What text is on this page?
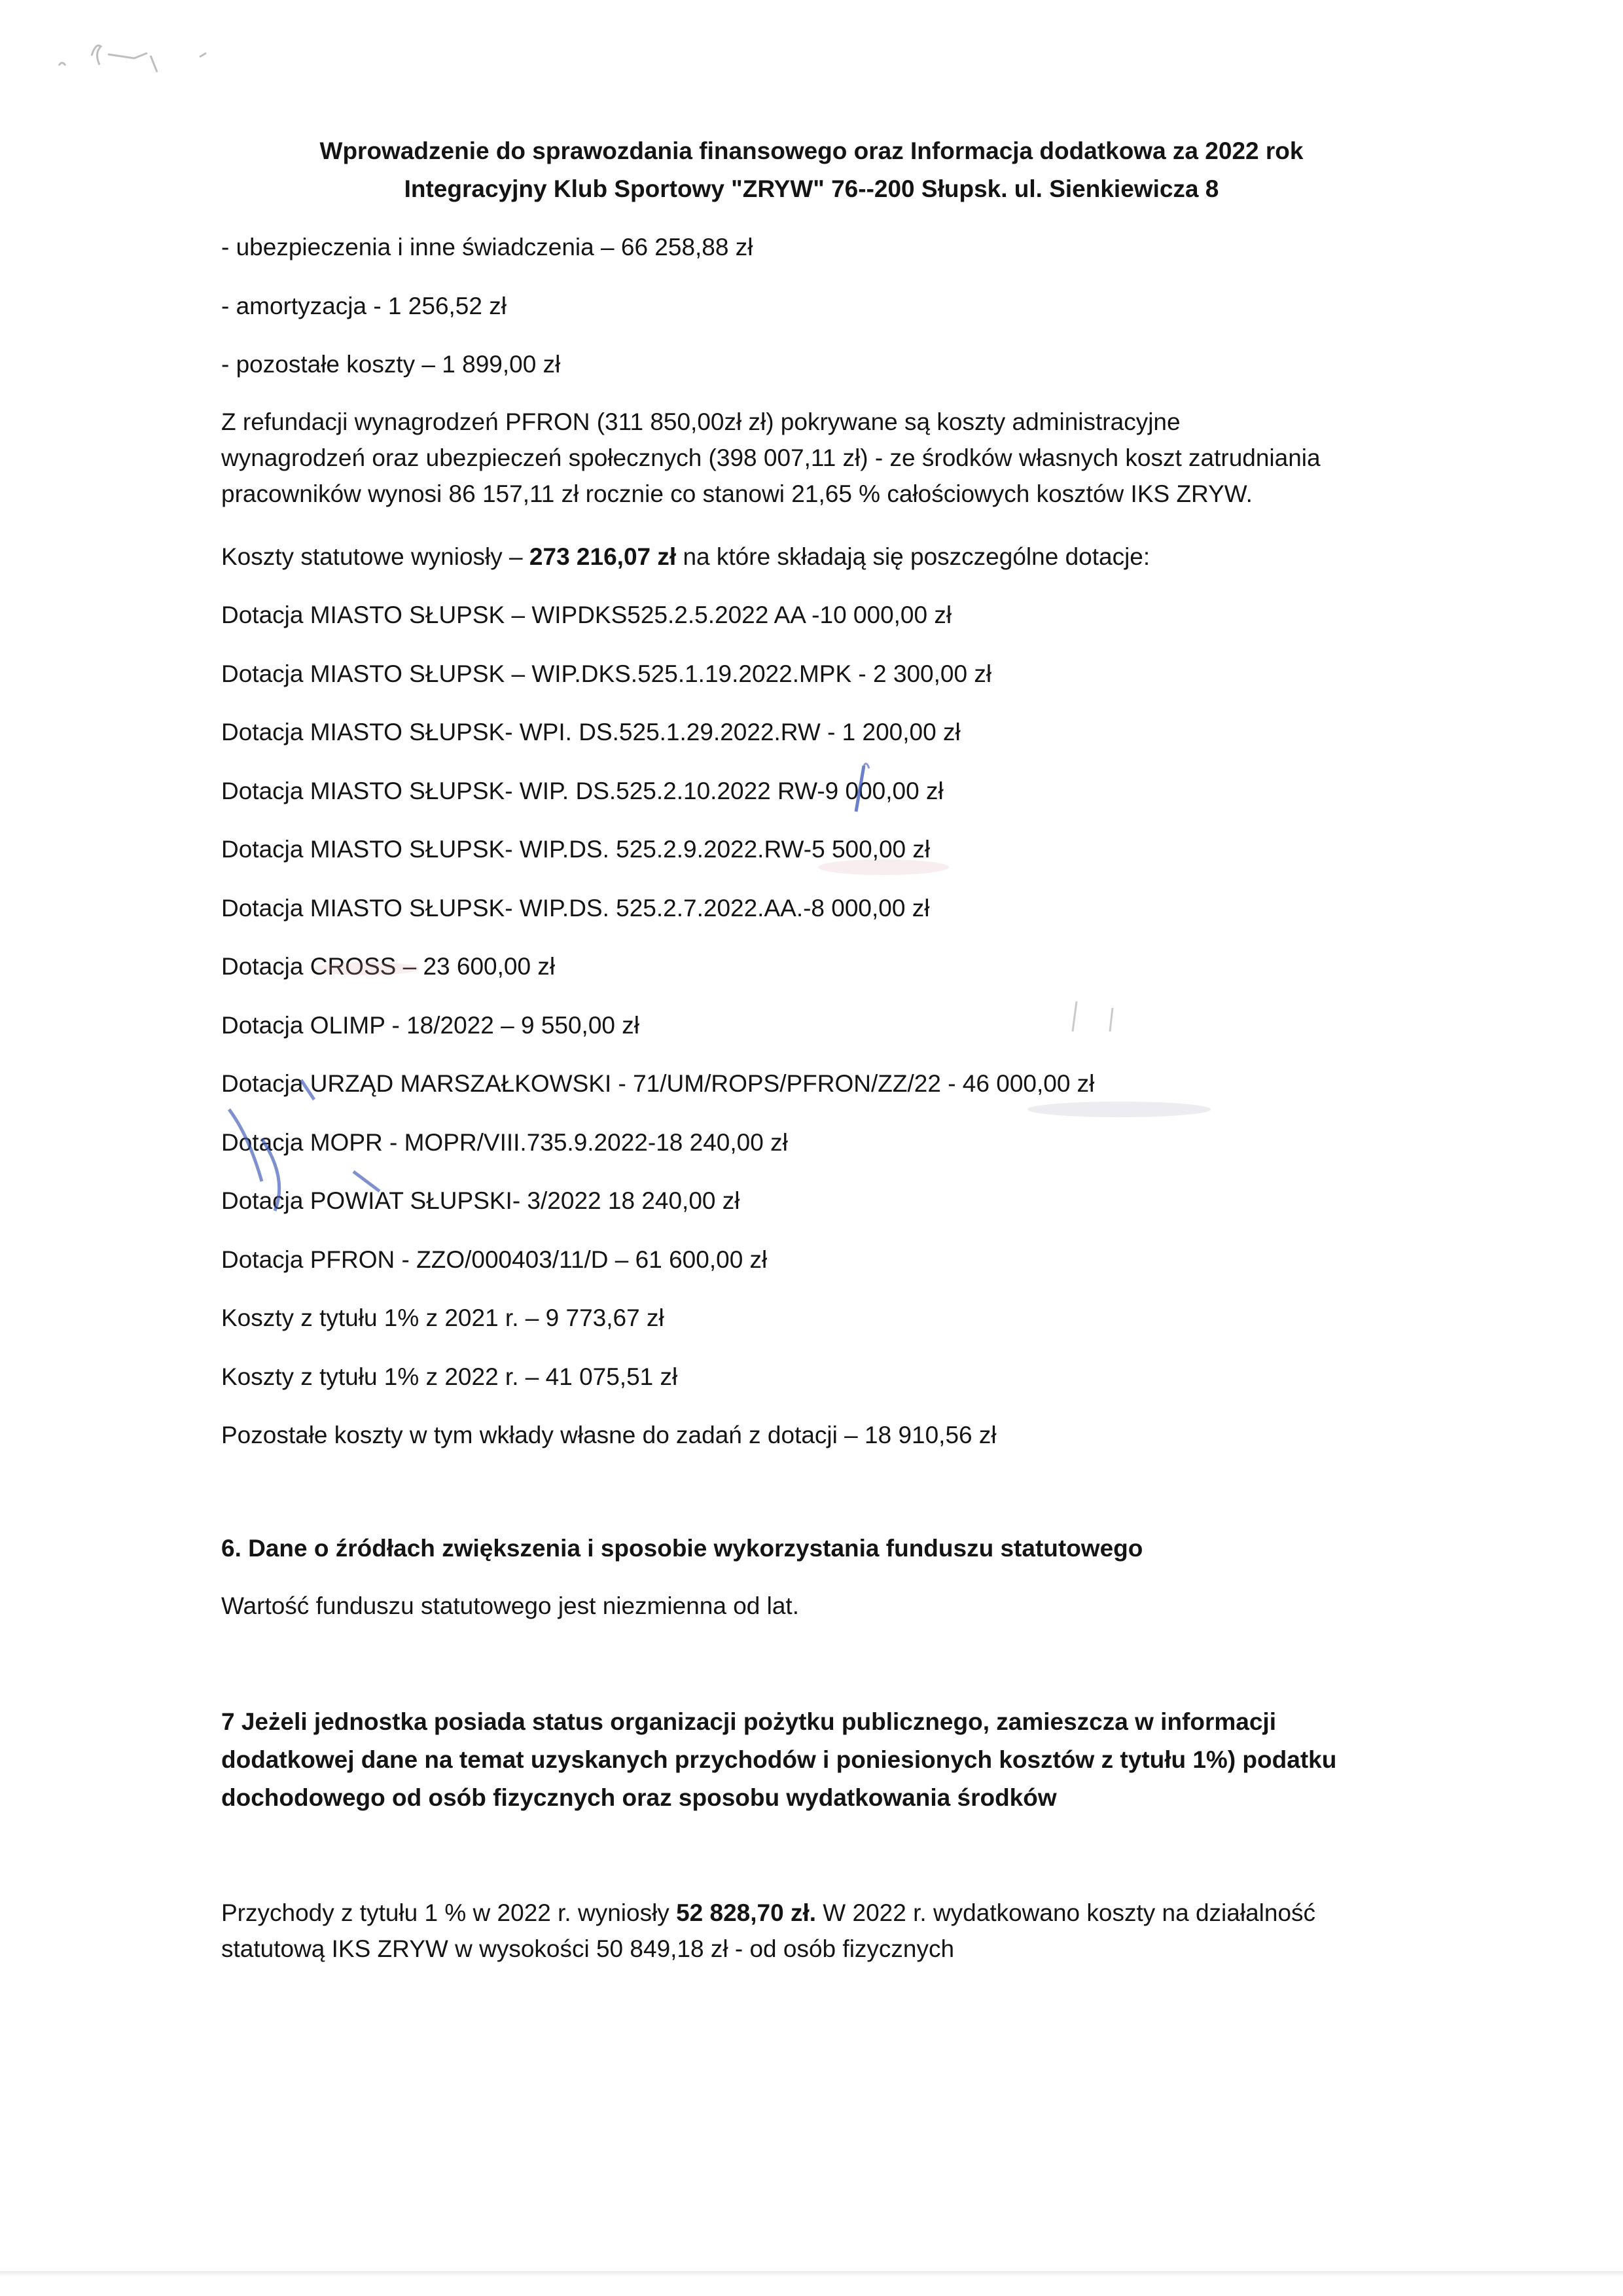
Wprowadzenie do sprawozdania finansowego oraz Informacja dodatkowa za 2022 rok
Integracyjny Klub Sportowy "ZRYW" 76--200 Słupsk. ul. Sienkiewicza 8
- ubezpieczenia i inne świadczenia – 66 258,88 zł
- amortyzacja - 1 256,52 zł
- pozostałe koszty – 1 899,00 zł
Z refundacji wynagrodzeń PFRON (311 850,00zł zł) pokrywane są koszty administracyjne
wynagrodzeń oraz ubezpieczeń społecznych (398 007,11 zł) - ze środków własnych koszt zatrudniania
pracowników wynosi 86 157,11 zł rocznie co stanowi 21,65 % całościowych kosztów IKS ZRYW.
Koszty statutowe wyniosły – 273 216,07 zł na które składają się poszczególne dotacje:
Dotacja MIASTO SŁUPSK – WIPDKS525.2.5.2022 AA -10 000,00 zł
Dotacja MIASTO SŁUPSK – WIP.DKS.525.1.19.2022.MPK - 2 300,00 zł
Dotacja MIASTO SŁUPSK- WPI. DS.525.1.29.2022.RW - 1 200,00 zł
Dotacja MIASTO SŁUPSK- WIP. DS.525.2.10.2022 RW-9 000,00 zł
Dotacja MIASTO SŁUPSK- WIP.DS. 525.2.9.2022.RW-5 500,00 zł
Dotacja MIASTO SŁUPSK- WIP.DS. 525.2.7.2022.AA.-8 000,00 zł
Dotacja CROSS – 23 600,00 zł
Dotacja OLIMP - 18/2022 – 9 550,00 zł
Dotacja URZĄD MARSZAŁKOWSKI - 71/UM/ROPS/PFRON/ZZ/22 - 46 000,00 zł
Dotacja MOPR - MOPR/VIII.735.9.2022-18 240,00 zł
Dotacja POWIAT SŁUPSKI- 3/2022 18 240,00 zł
Dotacja PFRON - ZZO/000403/11/D – 61 600,00 zł
Koszty z tytułu 1% z 2021 r. – 9 773,67 zł
Koszty z tytułu 1% z 2022 r. – 41 075,51 zł
Pozostałe koszty w tym wkłady własne do zadań z dotacji – 18 910,56 zł
6. Dane o źródłach zwiększenia i sposobie wykorzystania funduszu statutowego
Wartość funduszu statutowego jest niezmienna od lat.
7 Jeżeli jednostka posiada status organizacji pożytku publicznego, zamieszcza w informacji
dodatkowej dane na temat uzyskanych przychodów i poniesionych kosztów z tytułu 1%) podatku
dochodowego od osób fizycznych oraz sposobu wydatkowania środków
Przychody z tytułu 1 % w 2022 r. wyniosły 52 828,70 zł. W 2022 r. wydatkowano koszty na działalność
statutową IKS ZRYW w wysokości 50 849,18 zł - od osób fizycznych
